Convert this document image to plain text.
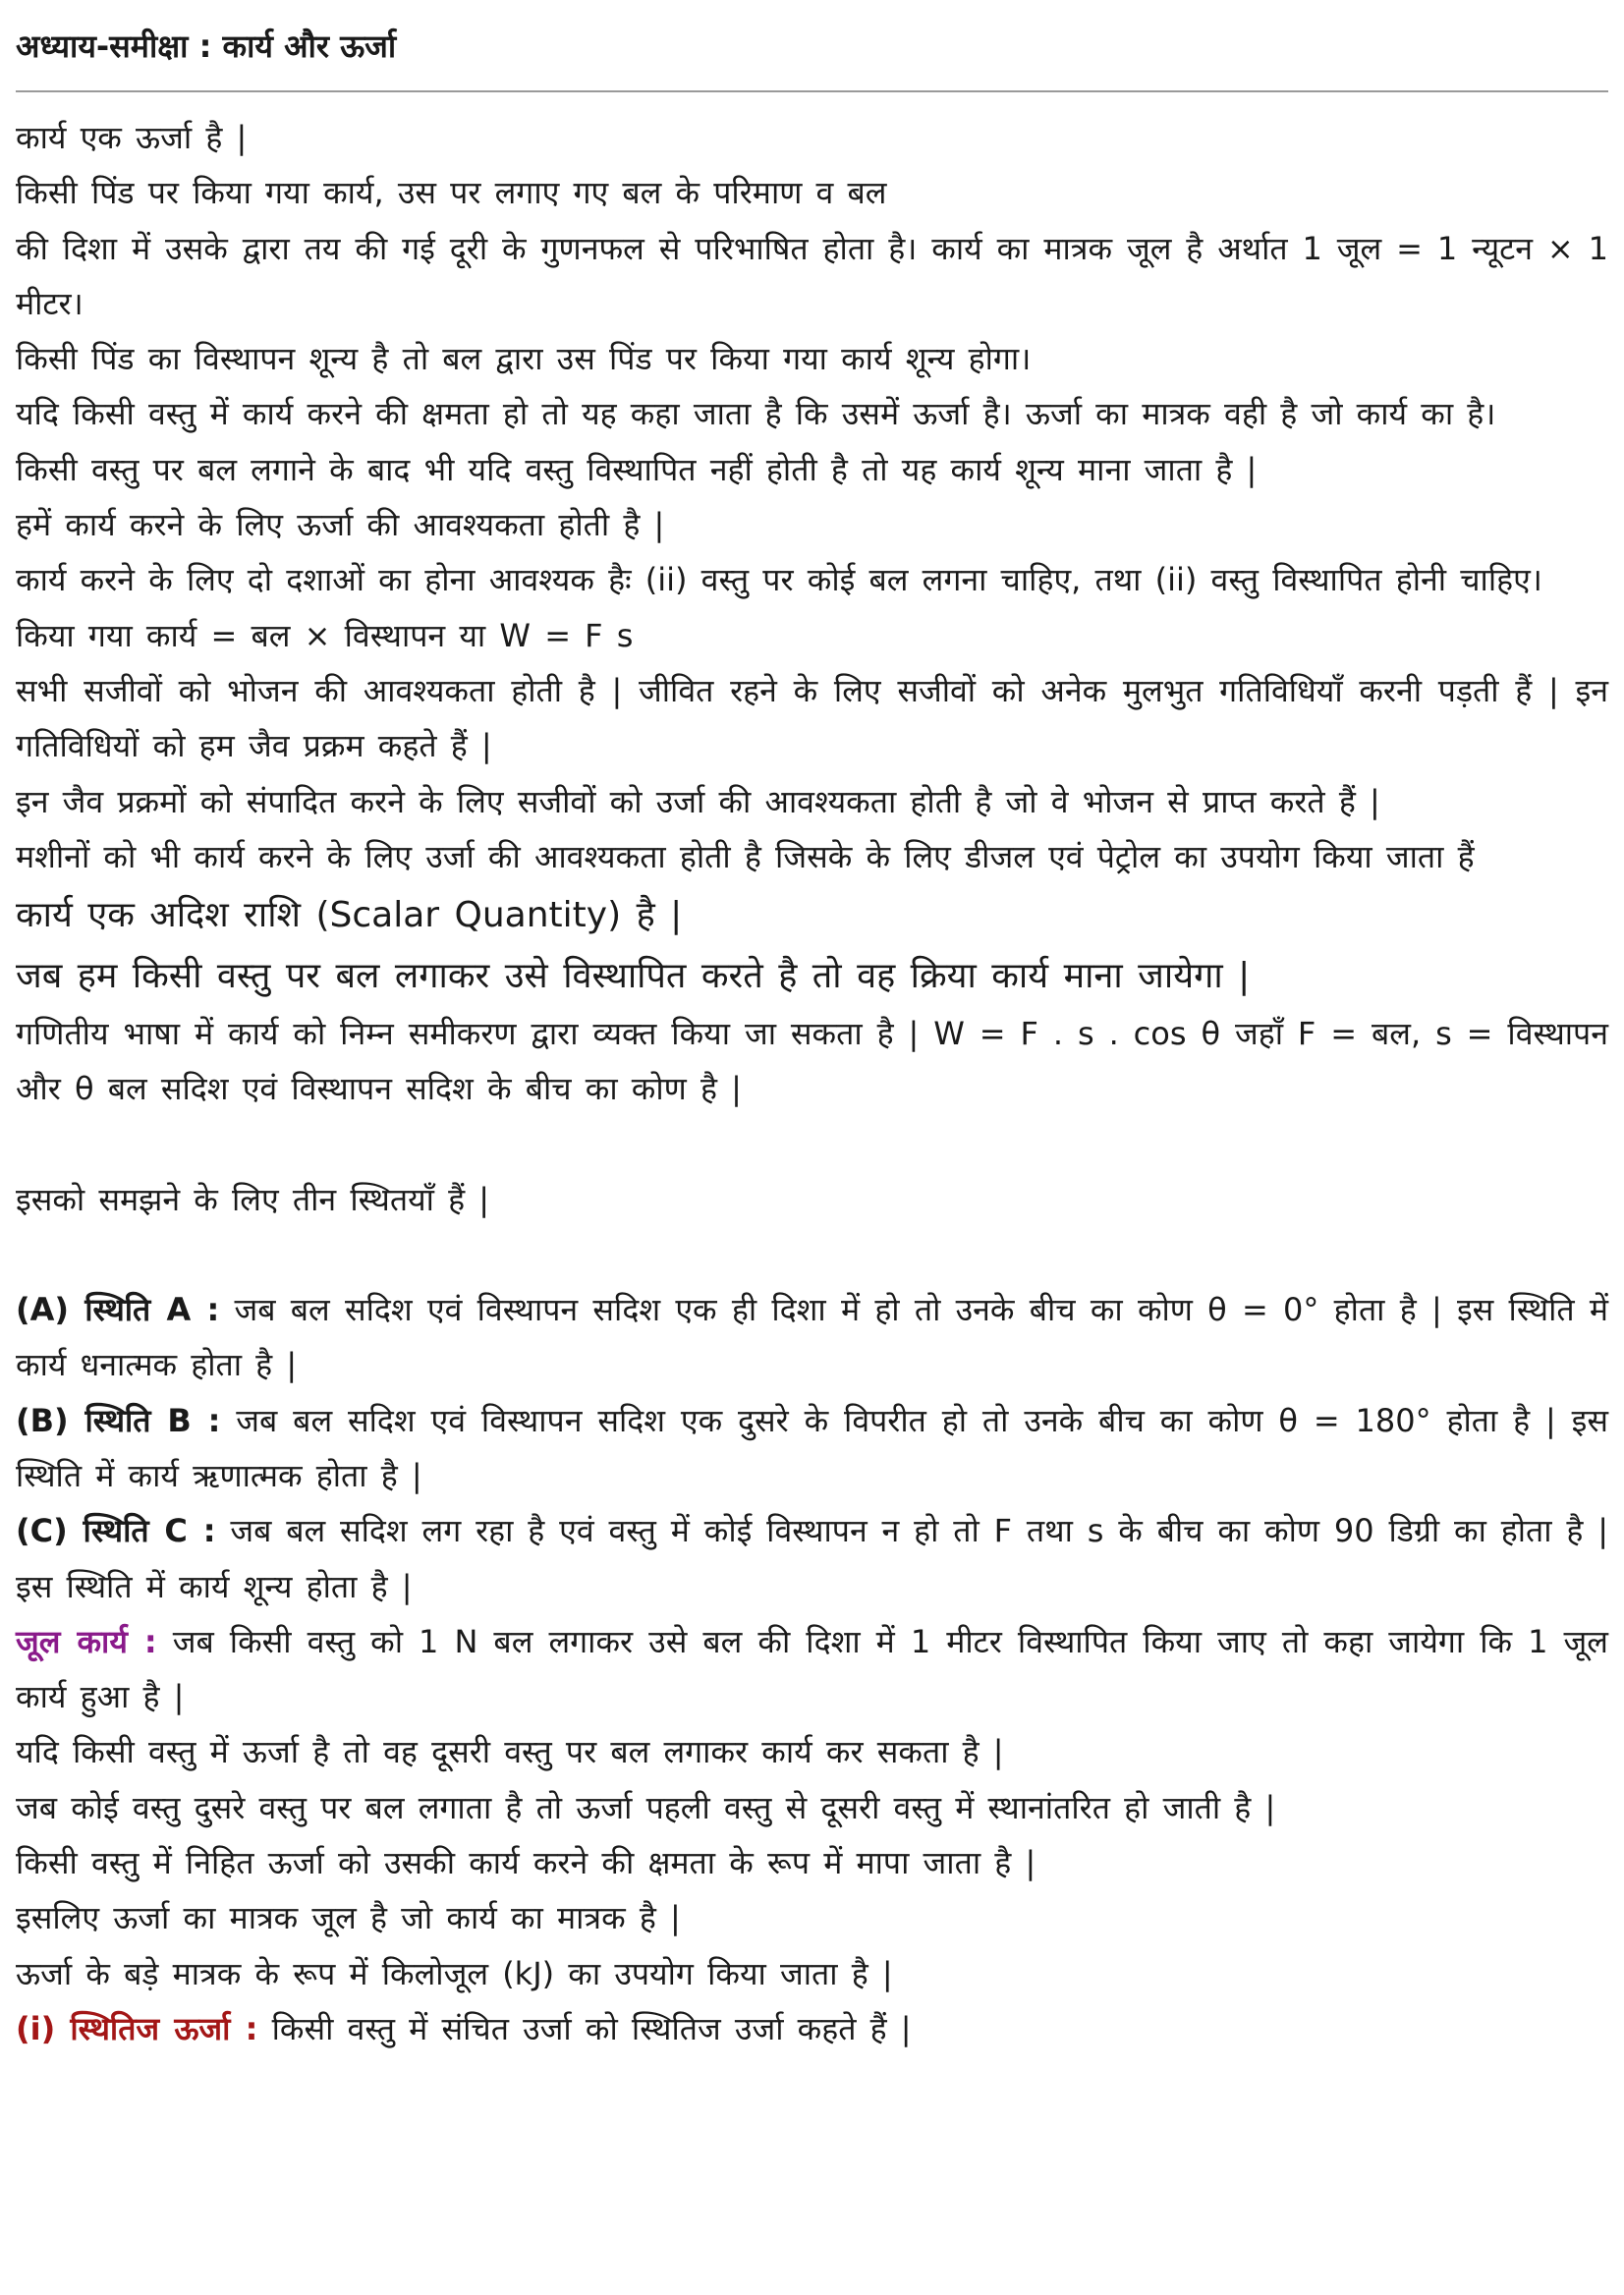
अध्याय-समीक्षा : कार्य और ऊर्जा

कार्य एक ऊर्जा है |

किसी पिंड पर किया गया कार्य, उस पर लगाए गए बल के परिमाण व बल

की दिशा में उसके द्वारा तय की गई दूरी के गुणनफल से परिभाषित होता है। कार्य का मात्रक जूल है अर्थात 1 जूल = 1 न्यूटन × 1 मीटर।

किसी पिंड का विस्थापन शून्य है तो बल द्वारा उस पिंड पर किया गया कार्य शून्य होगा।

यदि किसी वस्तु में कार्य करने की क्षमता हो तो यह कहा जाता है कि उसमें ऊर्जा है। ऊर्जा का मात्रक वही है जो कार्य का है।

किसी वस्तु पर बल लगाने के बाद भी यदि वस्तु विस्थापित नहीं होती है तो यह कार्य शून्य माना जाता है |

हमें कार्य करने के लिए ऊर्जा की आवश्यकता होती है |

कार्य करने के लिए दो दशाओं का होना आवश्यक हैः (ii) वस्तु पर कोई बल लगना चाहिए, तथा (ii) वस्तु विस्थापित होनी चाहिए।

किया गया कार्य = बल × विस्थापन या W = F s

सभी सजीवों को भोजन की आवश्यकता होती है | जीवित रहने के लिए सजीवों को अनेक मुलभुत गतिविधियाँ करनी पड़ती हैं | इन गतिविधियों को हम जैव प्रक्रम कहते हैं |

इन जैव प्रक्रमों को संपादित करने के लिए सजीवों को उर्जा की आवश्यकता होती है जो वे भोजन से प्राप्त करते हैं |

मशीनों को भी कार्य करने के लिए उर्जा की आवश्यकता होती है जिसके के लिए डीजल एवं पेट्रोल का उपयोग किया जाता हैं

कार्य एक अदिश राशि (Scalar Quantity) है |

जब हम किसी वस्तु पर बल लगाकर उसे विस्थापित करते है तो वह क्रिया कार्य माना जायेगा |

गणितीय भाषा में कार्य को निम्न समीकरण द्वारा व्यक्त किया जा सकता है | W = F . s . cos θ जहाँ F = बल, s = विस्थापन और θ बल सदिश एवं विस्थापन सदिश के बीच का कोण है |

इसको समझने के लिए तीन स्थितयाँ हैं |

(A) स्थिति A : जब बल सदिश एवं विस्थापन सदिश एक ही दिशा में हो तो उनके बीच का कोण θ = 0° होता है | इस स्थिति में कार्य धनात्मक होता है |

(B) स्थिति B : जब बल सदिश एवं विस्थापन सदिश एक दुसरे के विपरीत हो तो उनके बीच का कोण θ = 180° होता है | इस स्थिति में कार्य ऋणात्मक होता है |

(C) स्थिति C : जब बल सदिश लग रहा है एवं वस्तु में कोई विस्थापन न हो तो F तथा s के बीच का कोण 90 डिग्री का होता है | इस स्थिति में कार्य शून्य होता है |

जूल कार्य : जब किसी वस्तु को 1 N बल लगाकर उसे बल की दिशा में 1 मीटर विस्थापित किया जाए तो कहा जायेगा कि 1 जूल कार्य हुआ है |

यदि किसी वस्तु में ऊर्जा है तो वह दूसरी वस्तु पर बल लगाकर कार्य कर सकता है |

जब कोई वस्तु दुसरे वस्तु पर बल लगाता है तो ऊर्जा पहली वस्तु से दूसरी वस्तु में स्थानांतरित हो जाती है |

किसी वस्तु में निहित ऊर्जा को उसकी कार्य करने की क्षमता के रूप में मापा जाता है |

इसलिए ऊर्जा का मात्रक जूल है जो कार्य का मात्रक है |

ऊर्जा के बड़े मात्रक के रूप में किलोजूल (kJ) का उपयोग किया जाता है |

(i) स्थितिज ऊर्जा : किसी वस्तु में संचित उर्जा को स्थितिज उर्जा कहते हैं |
